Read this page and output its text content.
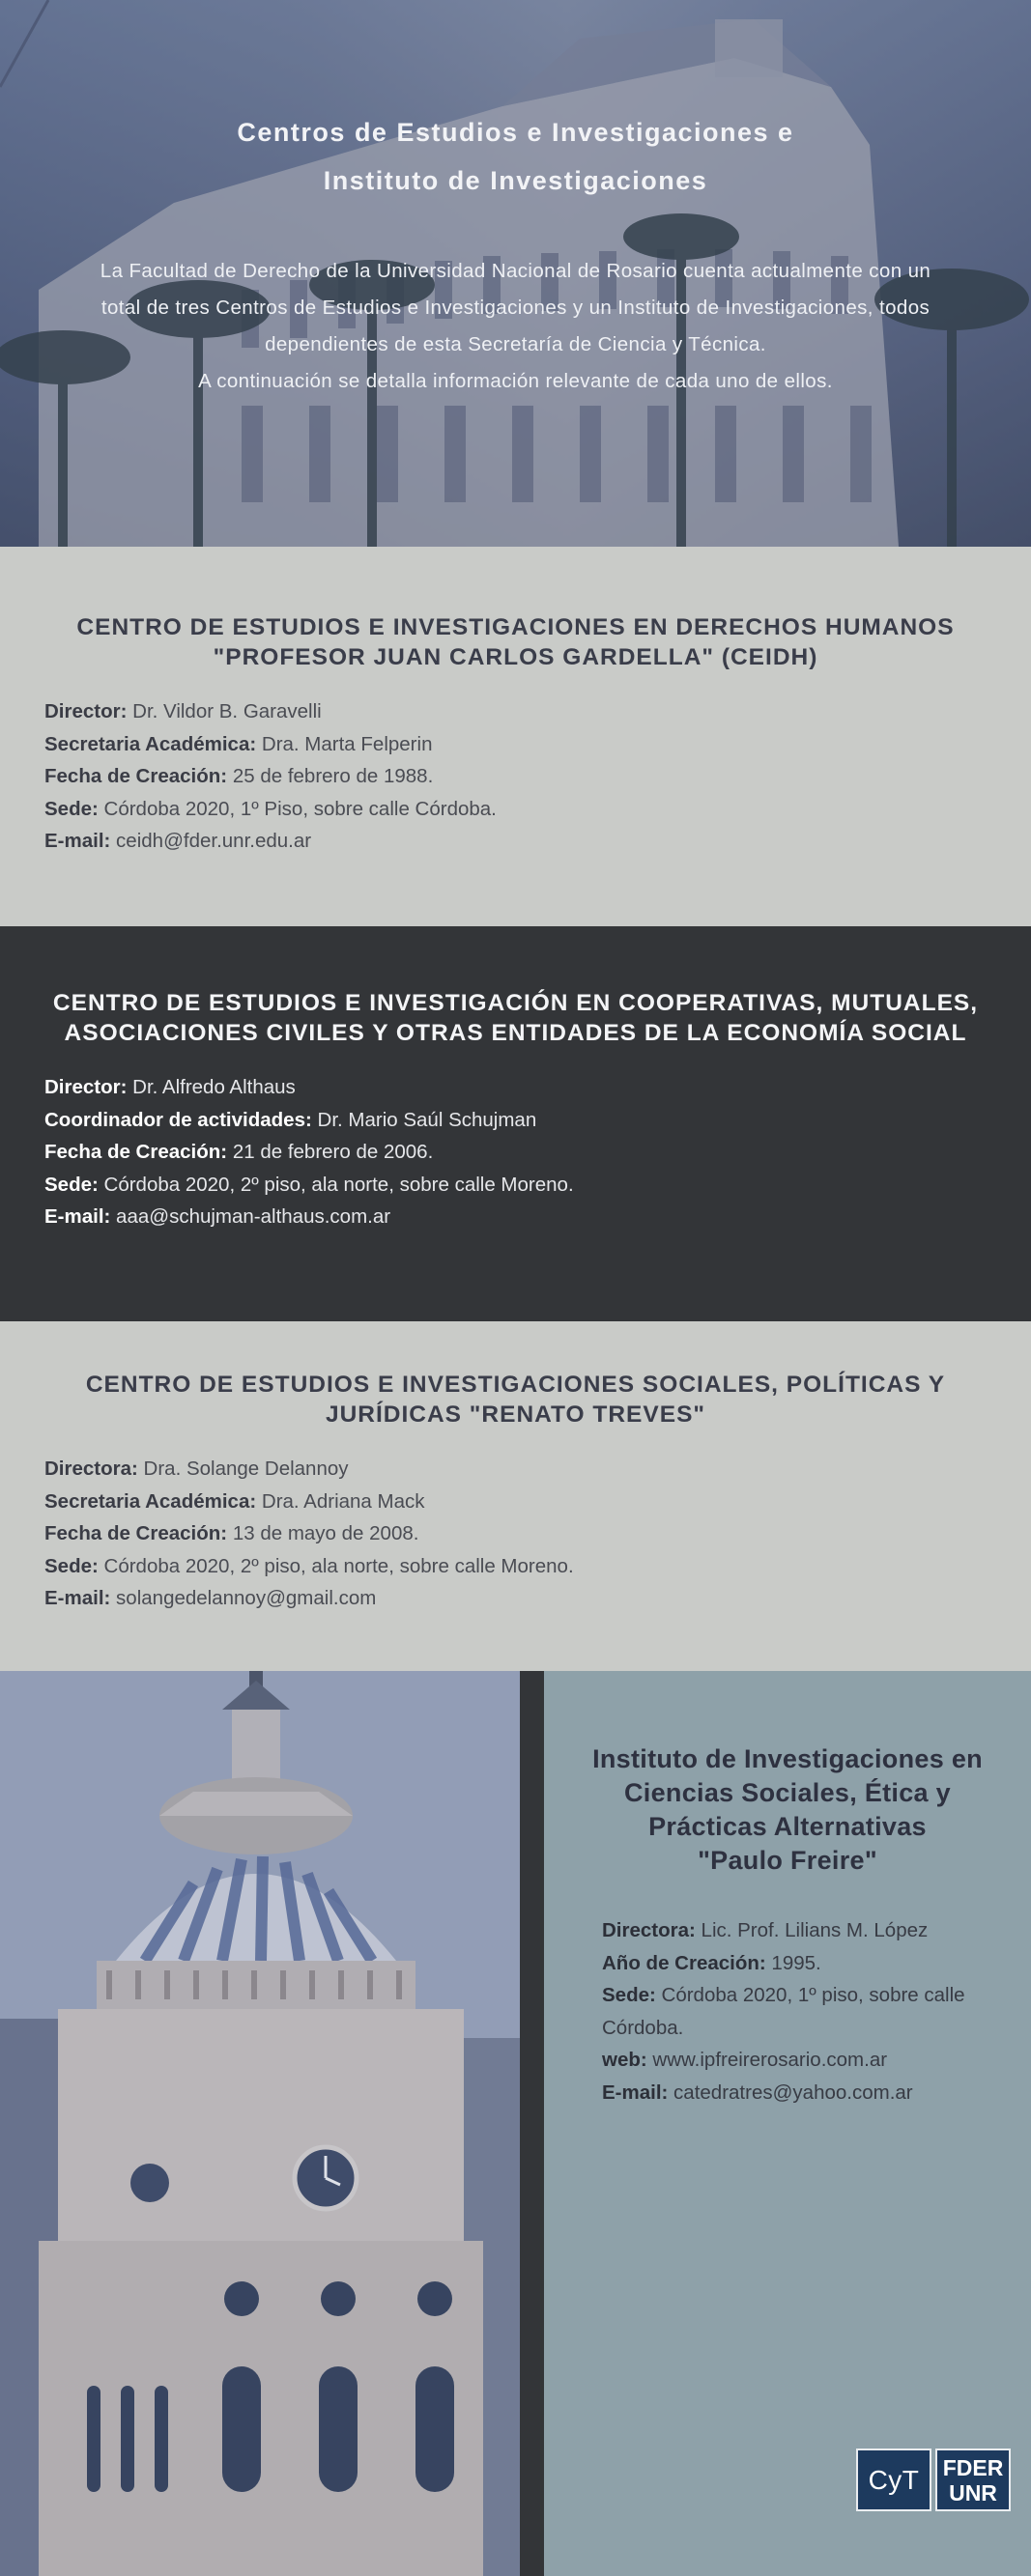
Centros de Estudios e Investigaciones e
Instituto de Investigaciones
La Facultad de Derecho de la Universidad Nacional de Rosario cuenta actualmente con un
total de tres Centros de Estudios e Investigaciones y un Instituto de Investigaciones, todos
dependientes de esta Secretaría de Ciencia y Técnica.
A continuación se detalla información relevante de cada uno de ellos.
CENTRO DE ESTUDIOS E INVESTIGACIONES EN DERECHOS HUMANOS
"PROFESOR JUAN CARLOS GARDELLA" (CEIDH)
Director: Dr. Vildor B. Garavelli
Secretaria Académica: Dra. Marta Felperin
Fecha de Creación: 25 de febrero de 1988.
Sede: Córdoba 2020, 1º Piso, sobre calle Córdoba.
E-mail: ceidh@fder.unr.edu.ar
CENTRO DE ESTUDIOS E INVESTIGACIÓN EN COOPERATIVAS, MUTUALES,
ASOCIACIONES CIVILES Y OTRAS ENTIDADES DE LA ECONOMÍA SOCIAL
Director: Dr. Alfredo Althaus
Coordinador de actividades: Dr. Mario Saúl Schujman
Fecha de Creación: 21 de febrero de 2006.
Sede: Córdoba 2020, 2º piso, ala norte, sobre calle Moreno.
E-mail: aaa@schujman-althaus.com.ar
CENTRO DE ESTUDIOS E INVESTIGACIONES SOCIALES, POLÍTICAS Y
JURÍDICAS "RENATO TREVES"
Directora: Dra. Solange Delannoy
Secretaria Académica: Dra. Adriana Mack
Fecha de Creación: 13 de mayo de 2008.
Sede: Córdoba 2020, 2º piso, ala norte, sobre calle Moreno.
E-mail: solangedelannoy@gmail.com
Instituto de Investigaciones en
Ciencias Sociales, Ética y
Prácticas Alternativas
"Paulo Freire"
Directora: Lic. Prof. Lilians M. López
Año de Creación: 1995.
Sede: Córdoba 2020, 1º piso, sobre calle Córdoba.
web: www.ipfreirerosario.com.ar
E-mail: catedratres@yahoo.com.ar
CyT	FDER
UNR
